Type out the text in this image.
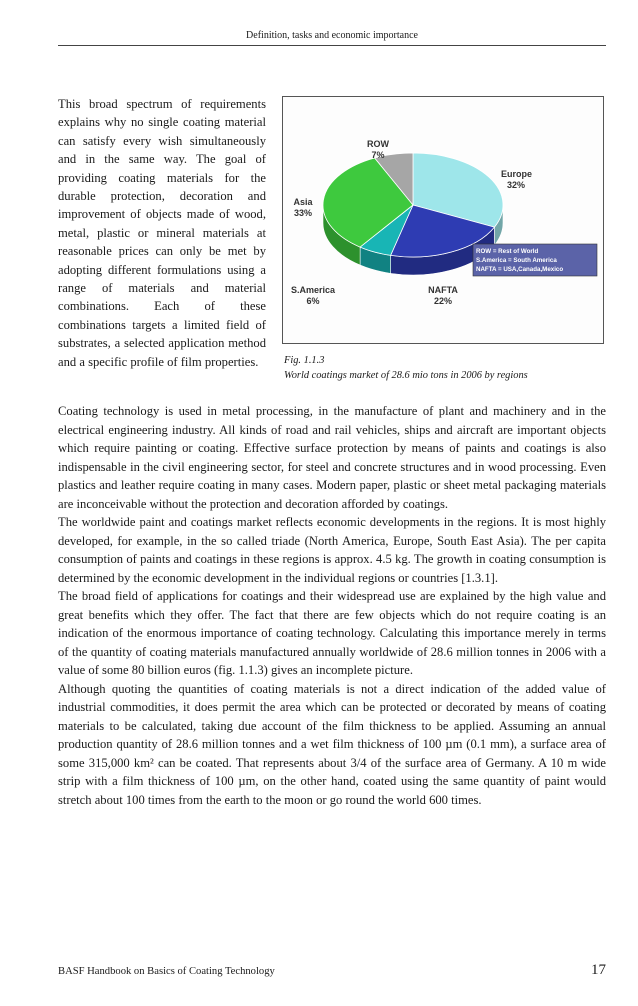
Definition, tasks and economic importance

This broad spectrum of requirements explains why no single coating material can satisfy every wish simultaneously and in the same way. The goal of providing coating materials for the durable protection, decoration and improvement of objects made of wood, metal, plastic or mineral materials at reasonable prices can only be met by adopting different formulations using a range of materials and material combinations. Each of these combinations targets a limited field of substrates, a selected application method and a specific profile of film properties.

Europe
32%
NAFTA
22%
S.America
6%
Asia
33%
ROW
7%
ROW = Rest of World
S.America = South America
NAFTA = USA,Canada,Mexico
Fig. 1.1.3
World coatings market of 28.6 mio tons in 2006 by regions

Coating technology is used in metal processing, in the manufacture of plant and machinery and in the electrical engineering industry. All kinds of road and rail vehicles, ships and aircraft are important objects which require painting or coating. Effective surface protection by means of paints and coatings is also indispensable in the civil engineering sector, for steel and concrete structures and in wood processing. Even plastics and leather require coating in many cases. Modern paper, plastic or sheet metal packaging materials are inconceivable without the protection and decoration afforded by coatings.

The worldwide paint and coatings market reflects economic developments in the regions. It is most highly developed, for example, in the so called triade (North America, Europe, South East Asia). The per capita consumption of paints and coatings in these regions is approx. 4.5 kg. The growth in coating consumption is determined by the economic development in the individual regions or countries [1.3.1].

The broad field of applications for coatings and their widespread use are explained by the high value and great benefits which they offer. The fact that there are few objects which do not require coating is an indication of the enormous importance of coating technology. Calculating this importance merely in terms of the quantity of coating materials manufactured annually worldwide of 28.6 million tonnes in 2006 with a value of some 80 billion euros (fig. 1.1.3) gives an incomplete picture.

Although quoting the quantities of coating materials is not a direct indication of the added value of industrial commodities, it does permit the area which can be protected or decorated by means of coating materials to be calculated, taking due account of the film thickness to be applied. Assuming an annual production quantity of 28.6 million tonnes and a wet film thickness of 100 µm (0.1 mm), a surface area of some 315,000 km² can be coated. That represents about 3/4 of the surface area of Germany. A 10 m wide strip with a film thickness of 100 µm, on the other hand, coated using the same quantity of paint would stretch about 100 times from the earth to the moon or go round the world 600 times.

BASF Handbook on Basics of Coating Technology	17
